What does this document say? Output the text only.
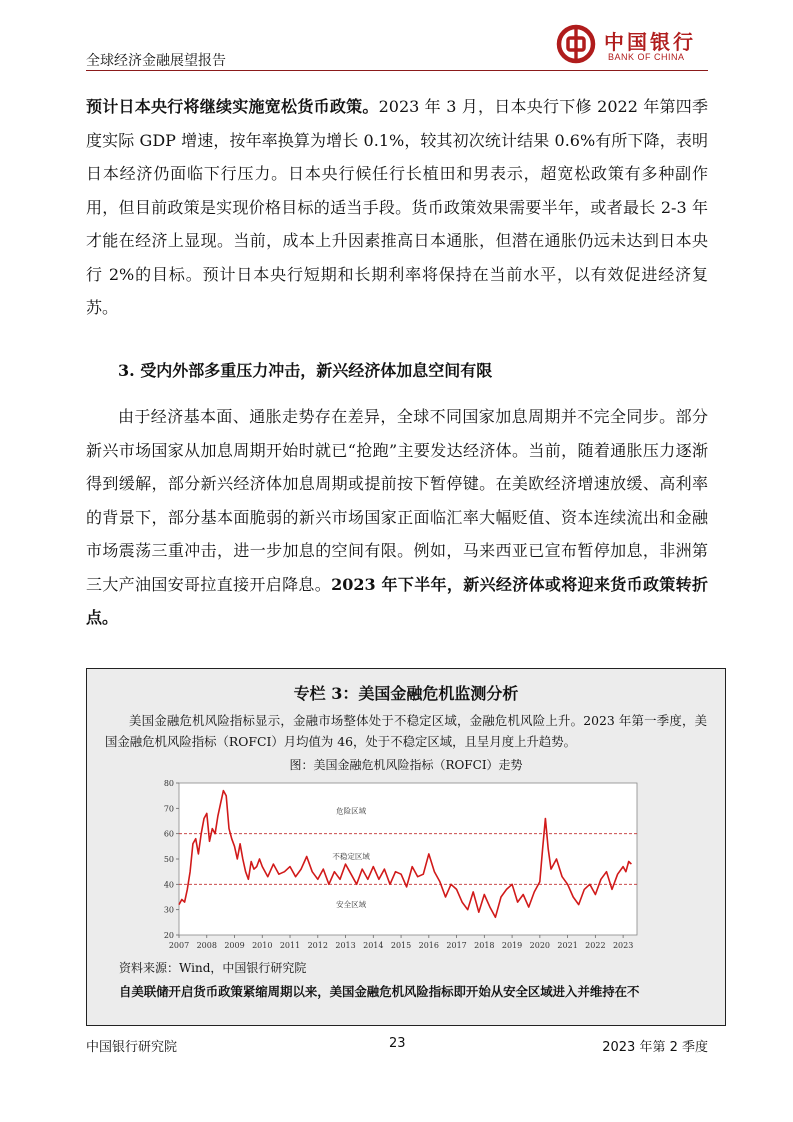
全球经济金融展望报告
中国银行
BANK OF CHINA
预计日本央行将继续实施宽松货币政策。2023 年 3 月，日本央行下修 2022 年第四季度实际 GDP 增速，按年率换算为增长 0.1%，较其初次统计结果 0.6%有所下降，表明日本经济仍面临下行压力。日本央行候任行长植田和男表示，超宽松政策有多种副作用，但目前政策是实现价格目标的适当手段。货币政策效果需要半年，或者最长 2-3 年才能在经济上显现。当前，成本上升因素推高日本通胀，但潜在通胀仍远未达到日本央行 2%的目标。预计日本央行短期和长期利率将保持在当前水平，以有效促进经济复苏。
3. 受内外部多重压力冲击，新兴经济体加息空间有限
由于经济基本面、通胀走势存在差异，全球不同国家加息周期并不完全同步。部分新兴市场国家从加息周期开始时就已“抢跑”主要发达经济体。当前，随着通胀压力逐渐得到缓解，部分新兴经济体加息周期或提前按下暂停键。在美欧经济增速放缓、高利率的背景下，部分基本面脆弱的新兴市场国家正面临汇率大幅贬值、资本连续流出和金融市场震荡三重冲击，进一步加息的空间有限。例如，马来西亚已宣布暂停加息，非洲第三大产油国安哥拉直接开启降息。2023 年下半年，新兴经济体或将迎来货币政策转折点。
专栏 3：美国金融危机监测分析
美国金融危机风险指标显示，金融市场整体处于不稳定区域，金融危机风险上升。2023 年第一季度，美国金融危机风险指标（ROFCI）月均值为 46，处于不稳定区域，且呈月度上升趋势。
图：美国金融危机风险指标（ROFCI）走势
20
30
40
50
60
70
80
2007 2008 2009 2010 2011 2012 2013 2014 2015 2016 2017 2018 2019 2020 2021 2022 2023
危险区域
不稳定区域
安全区域
资料来源：Wind，中国银行研究院
自美联储开启货币政策紧缩周期以来，美国金融危机风险指标即开始从安全区域进入并维持在不
中国银行研究院	23	2023 年第 2 季度
